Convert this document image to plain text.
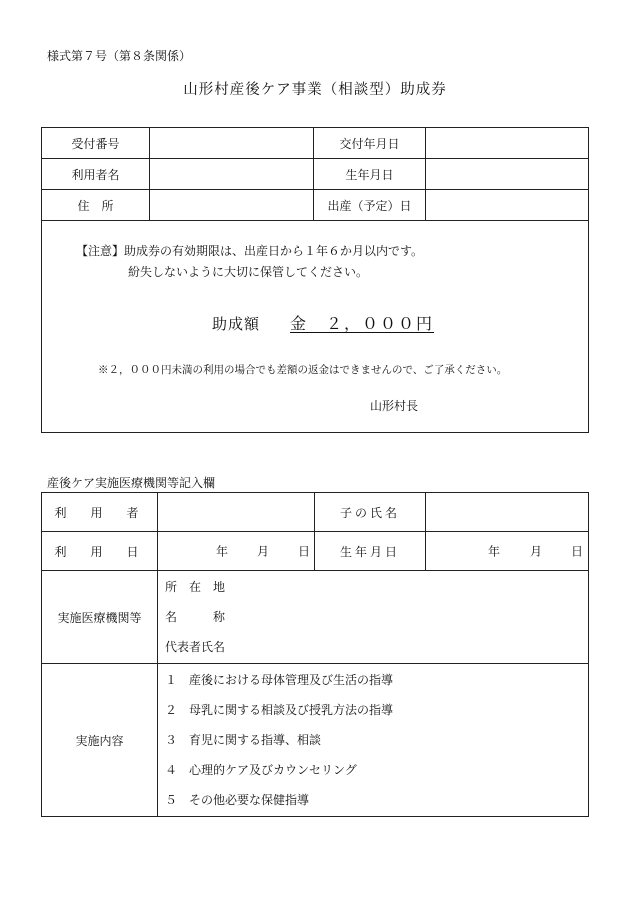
様式第７号（第８条関係）
山形村産後ケア事業（相談型）助成券
受付番号		交付年月日	
利用者名		生年月日	
住　所		出産（予定）日	
【注意】助成券の有効期限は、出産日から１年６か月以内です。
紛失しないように大切に保管してください。
助成額 金　２，０００円
※２，０００円未満の利用の場合でも差額の返金はできませんので、ご了承ください。
山形村長
産後ケア実施医療機関等記入欄
利　用　者		子の氏名	
利　用　日	年 月 日	生年月日	年 月 日

実施医療機関等	所　在　地
名　　　称
代表者氏名		

実施内容	１　産後における母体管理及び生活の指導
２　母乳に関する相談及び授乳方法の指導
３　育児に関する指導、相談
４　心理的ケア及びカウンセリング
５　その他必要な保健指導		
